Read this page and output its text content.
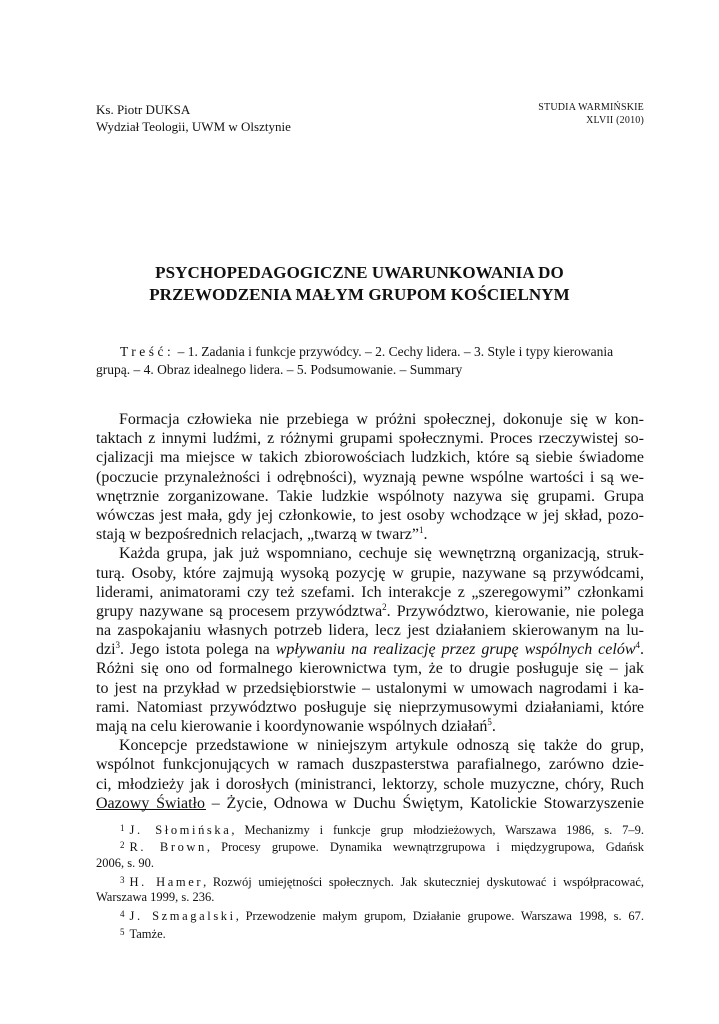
Ks. Piotr DUKSA
Wydział Teologii, UWM w Olsztynie
STUDIA WARMIŃSKIE
XLVII (2010)
PSYCHOPEDAGOGICZNE UWARUNKOWANIA DO
PRZEWODZENIA MAŁYM GRUPOM KOŚCIELNYM
Treść: – 1. Zadania i funkcje przywódcy. – 2. Cechy lidera. – 3. Style i typy kierowania
grupą. – 4. Obraz idealnego lidera. – 5. Podsumowanie. – Summary
Formacja człowieka nie przebiega w próżni społecznej, dokonuje się w kon-
taktach z innymi ludźmi, z różnymi grupami społecznymi. Proces rzeczywistej so-
cjalizacji ma miejsce w takich zbiorowościach ludzkich, które są siebie świadome
(poczucie przynależności i odrębności), wyznają pewne wspólne wartości i są we-
wnętrznie zorganizowane. Takie ludzkie wspólnoty nazywa się grupami. Grupa
wówczas jest mała, gdy jej członkowie, to jest osoby wchodzące w jej skład, pozo-
stają w bezpośrednich relacjach, „twarzą w twarz”$^1$.
Każda grupa, jak już wspomniano, cechuje się wewnętrzną organizacją, struk-
turą. Osoby, które zajmują wysoką pozycję w grupie, nazywane są przywódcami,
liderami, animatorami czy też szefami. Ich interakcje z „szeregowymi” członkami
grupy nazywane są procesem przywództwa$^2$. Przywództwo, kierowanie, nie polega
na zaspokajaniu własnych potrzeb lidera, lecz jest działaniem skierowanym na lu-
dzi$^3$. Jego istota polega na wpływaniu na realizację przez grupę wspólnych celów$^4$.
Różni się ono od formalnego kierownictwa tym, że to drugie posługuje się – jak
to jest na przykład w przedsiębiorstwie – ustalonymi w umowach nagrodami i ka-
rami. Natomiast przywództwo posługuje się nieprzymusowymi działaniami, które
mają na celu kierowanie i koordynowanie wspólnych działań$^5$.
Koncepcje przedstawione w niniejszym artykule odnoszą się także do grup,
wspólnot funkcjonujących w ramach duszpasterstwa parafialnego, zarówno dzie-
ci, młodzieży jak i dorosłych (ministranci, lektorzy, schole muzyczne, chóry, Ruch
Oazowy Światło – Życie, Odnowa w Duchu Świętym, Katolickie Stowarzyszenie
$^1$ J. Słomińska, Mechanizmy i funkcje grup młodzieżowych, Warszawa 1986, s. 7–9.
$^2$ R. Brown, Procesy grupowe. Dynamika wewnątrzgrupowa i międzygrupowa, Gdańsk
2006, s. 90.
$^3$ H. Hamer, Rozwój umiejętności społecznych. Jak skuteczniej dyskutować i współpracować,
Warszawa 1999, s. 236.
$^4$ J. Szmagalski, Przewodzenie małym grupom, Działanie grupowe. Warszawa 1998, s. 67.
$^5$ Tamże.
